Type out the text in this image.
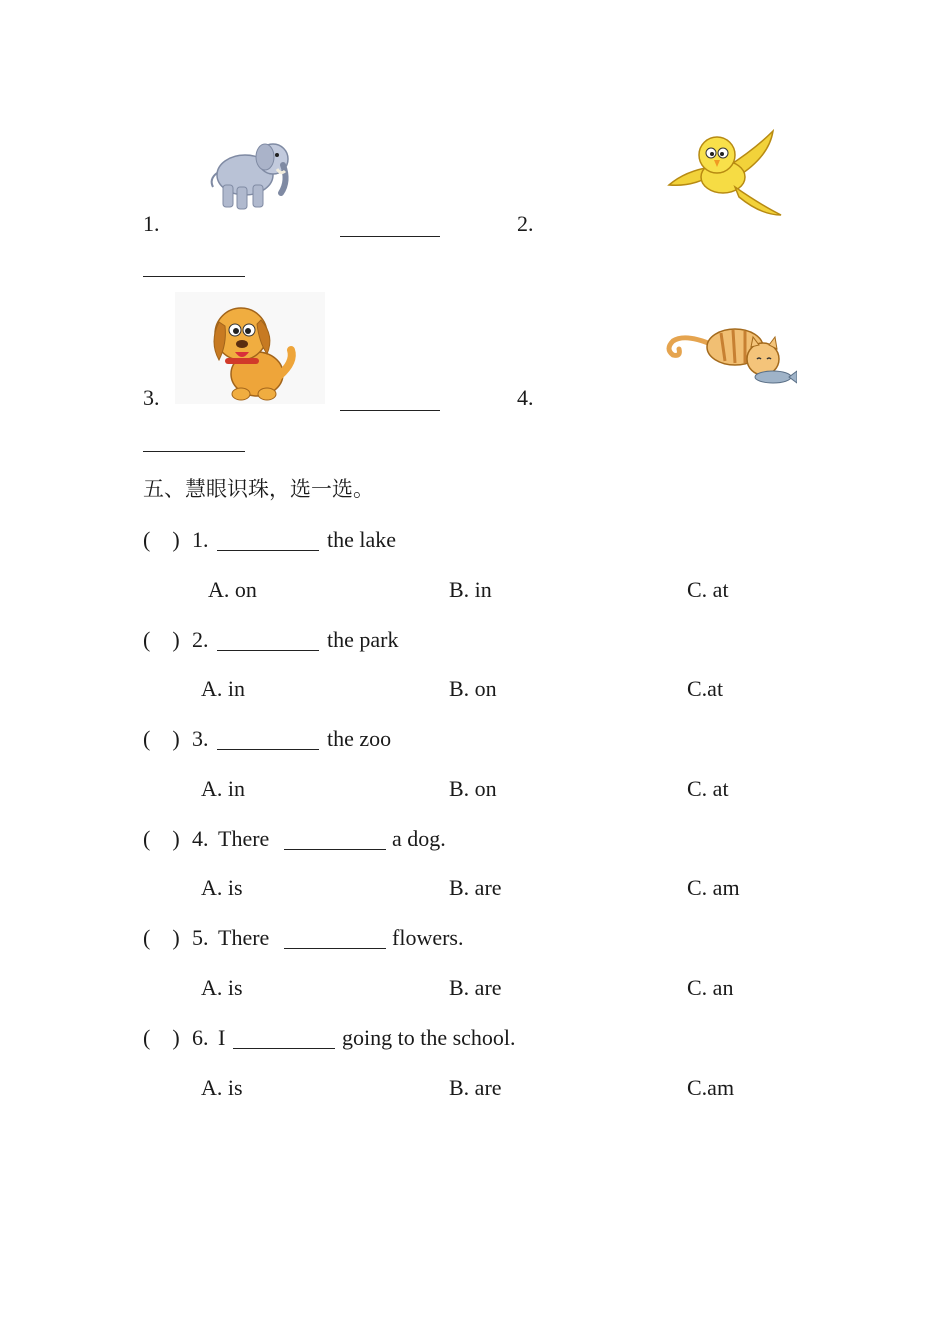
1.	2.
3.	4.
五、慧眼识珠，选一选。
(    ) 1.	the lake
A. on	B. in	C. at
(    ) 2.	the park
A. in	B. on	C.at
(    ) 3.	the zoo
A. in	B. on	C. at
(    ) 4. There	a dog.
A. is	B. are	C. am
(    ) 5. There	flowers.
A. is	B. are	C. an
(    ) 6. I	going to the school.
A. is	B. are	C.am
